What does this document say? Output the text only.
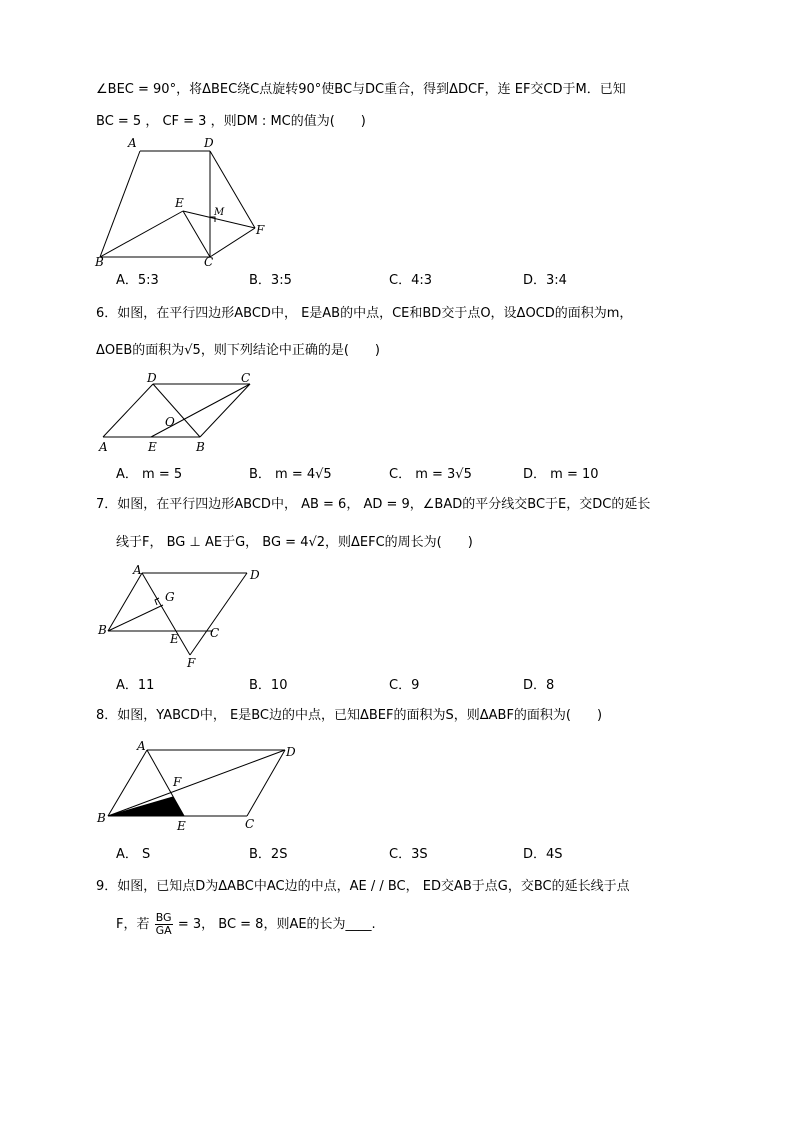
∠BEC = 90°，将ΔBEC绕C点旋转90°使BC与DC重合，得到ΔDCF，连 EF交CD于M．已知
BC = 5 ， CF = 3 ，则DM : MC的值为(　　)
A	D
E
M
F
B	C
A．5:3	B．3:5	C．4:3	D．3:4
6．如图，在平行四边形ABCD中， E是AB的中点，CE和BD交于点O，设ΔOCD的面积为m，
ΔOEB的面积为√5，则下列结论中正确的是(　　)
D	C
O
A	E	B
A． m = 5	B． m = 4√5	C． m = 3√5	D． m = 10
7．如图，在平行四边形ABCD中， AB = 6， AD = 9，∠BAD的平分线交BC于E，交DC的延长
线于F， BG ⊥ AE于G， BG = 4√2，则ΔEFC的周长为(　　)
A	D
G
B
E	C
F
A．11	B．10	C．9	D．8
8．如图，YABCD中， E是BC边的中点，已知ΔBEF的面积为S，则ΔABF的面积为(　　)
A	D
F
B
E	C
A． S	B．2S	C．3S	D．4S
9．如图，已知点D为ΔABC中AC边的中点，AE / / BC， ED交AB于点G，交BC的延长线于点
F，若 $\frac{BG}{GA} = 3$， BC = 8，则AE的长为____.
